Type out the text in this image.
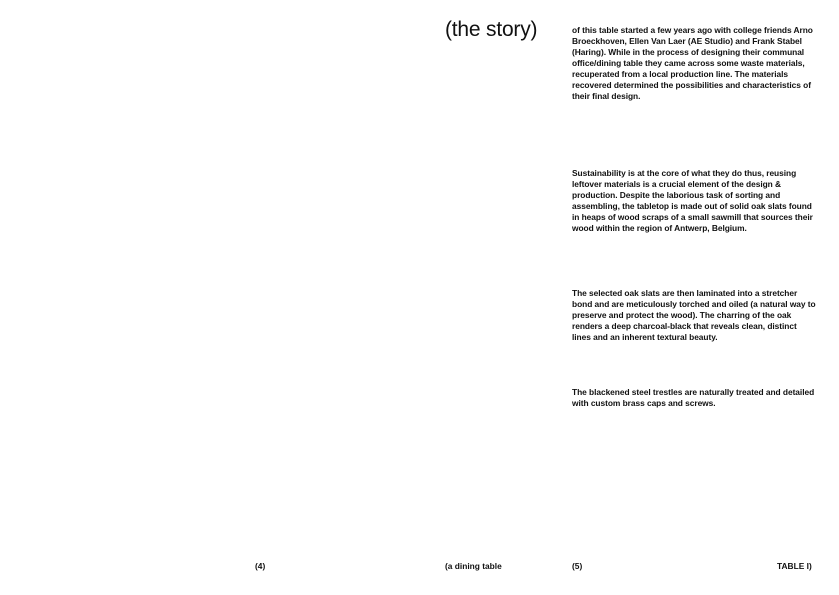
(the story)	of this table started a few years ago with college friends Arno Broeckhoven, Ellen Van Laer (AE Studio) and Frank Stabel (Haring). While in the process of designing their communal office/dining table they came across some waste materials, recuperated from a local production line. The materials recovered determined the possibilities and characteristics of their final design.

Sustainability is at the core of what they do thus, reusing leftover materials is a crucial element of the design & production. Despite the laborious task of sorting and assembling, the tabletop is made out of solid oak slats found in heaps of wood scraps of a small sawmill that sources their wood within the region of Antwerp, Belgium.

The selected oak slats are then laminated into a stretcher bond and are meticulously torched and oiled (a natural way to preserve and protect the wood). The charring of the oak renders a deep charcoal-black that reveals clean, distinct lines and an inherent textural beauty.

The blackened steel trestles are naturally treated and detailed with custom brass caps and screws.

(4)	(a dining table	(5)	TABLE I)
